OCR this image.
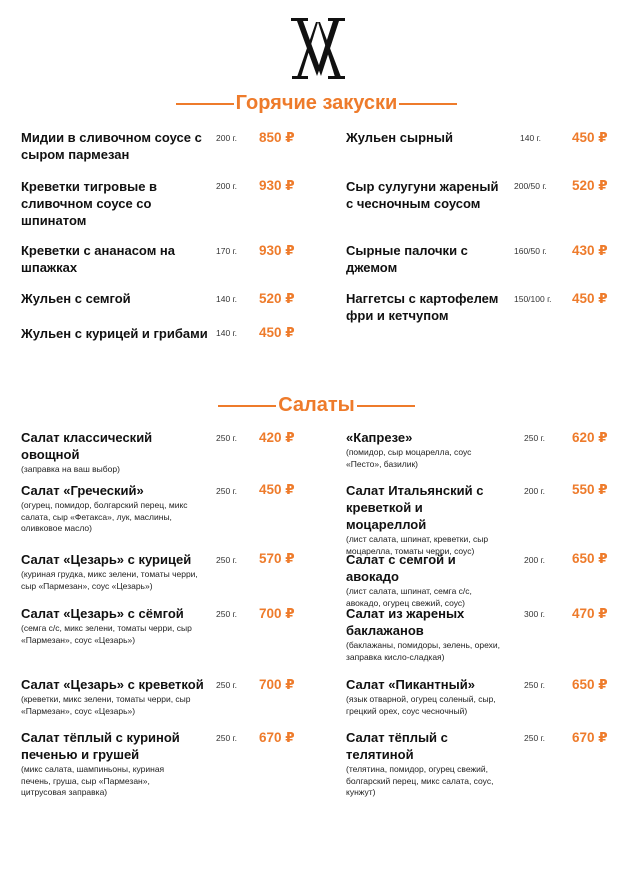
Горячие закуски
Мидии в сливочном соусе с сыром пармезан
200 г. 850 ₽
Креветки тигровые в сливочном соусе со шпинатом
200 г. 930 ₽
Креветки с ананасом на шпажках
170 г. 930 ₽
Жульен с семгой	140 г. 520 ₽
Жульен с курицей и грибами 140 г. 450 ₽
Жульен сырный	140 г. 450 ₽
Сыр сулугуни жареный с чесночным соусом
200/50 г. 520 ₽
Сырные палочки с джемом
160/50 г. 430 ₽
Наггетсы с картофелем фри и кетчупом
150/100 г. 450 ₽
Салаты
Салат классический овощной
(заправка на ваш выбор)
250 г. 420 ₽
Салат «Греческий»
(огурец, помидор, болгарский перец, микс салата, сыр «Фетакса», лук, маслины, оливковое масло)
250 г. 450 ₽
Салат «Цезарь» с курицей
(куриная грудка, микс зелени, томаты черри, сыр «Пармезан», соус «Цезарь»)
250 г. 570 ₽
Салат «Цезарь» с сёмгой
(семга с/с, микс зелени, томаты черри, сыр «Пармезан», соус «Цезарь»)
250 г. 700 ₽
Салат «Цезарь» с креветкой
(креветки, микс зелени, томаты черри, сыр «Пармезан», соус «Цезарь»)
250 г. 700 ₽
Салат тёплый с куриной печенью и грушей
(микс салата, шампиньоны, куриная печень, груша, сыр «Пармезан», цитрусовая заправка)
250 г. 670 ₽
«Капрезе»
(помидор, сыр моцарелла, соус «Песто», базилик)
250 г. 620 ₽
Салат Итальянский с креветкой и моцареллой
(лист салата, шпинат, креветки, сыр моцарелла, томаты черри, соус)
200 г. 550 ₽
Салат с семгой и авокадо
(лист салата, шпинат, семга с/с, авокадо, огурец свежий, соус)
200 г. 650 ₽
Салат из жареных баклажанов
(баклажаны, помидоры, зелень, орехи, заправка кисло-сладкая)
300 г. 470 ₽
Салат «Пикантный»
(язык отварной, огурец соленый, сыр, грецкий орех, соус чесночный)
250 г. 650 ₽
Салат тёплый с телятиной
(телятина, помидор, огурец свежий, болгарский перец, микс салата, соус, кунжут)
250 г. 670 ₽
